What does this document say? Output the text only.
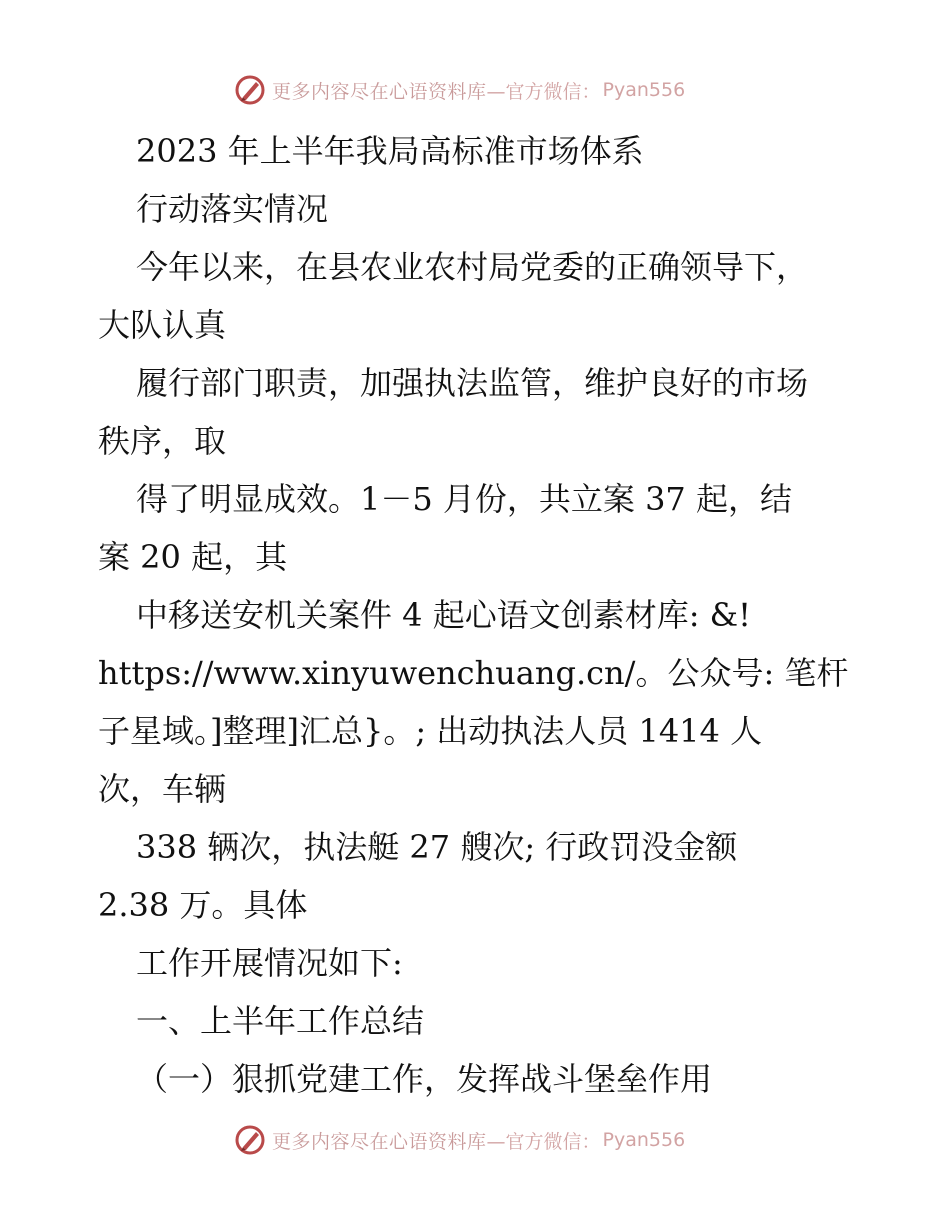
更多内容尽在心语资料库 —官方微信： Pyan556
2023 年上半年我局高标准市场体系
行动落实情况
今年以来，在县农业农村局党委的正确领导下，
大队认真
履行部门职责，加强执法监管，维护良好的市场
秩序，取
得了明显成效。1－5 月份，共立案 37 起，结
案 20 起，其
中移送安机关案件 4 起心语文创素材库: &!
https://www.xinyuwenchuang.cn/。公众号: 笔杆
子星域。]整理]汇总}。; 出动执法人员 1414 人
次，车辆
338 辆次，执法艇 27 艘次; 行政罚没金额
2.38 万。具体
工作开展情况如下:
一、上半年工作总结
（一）狠抓党建工作，发挥战斗堡垒作用
更多内容尽在心语资料库 —官方微信： Pyan556
